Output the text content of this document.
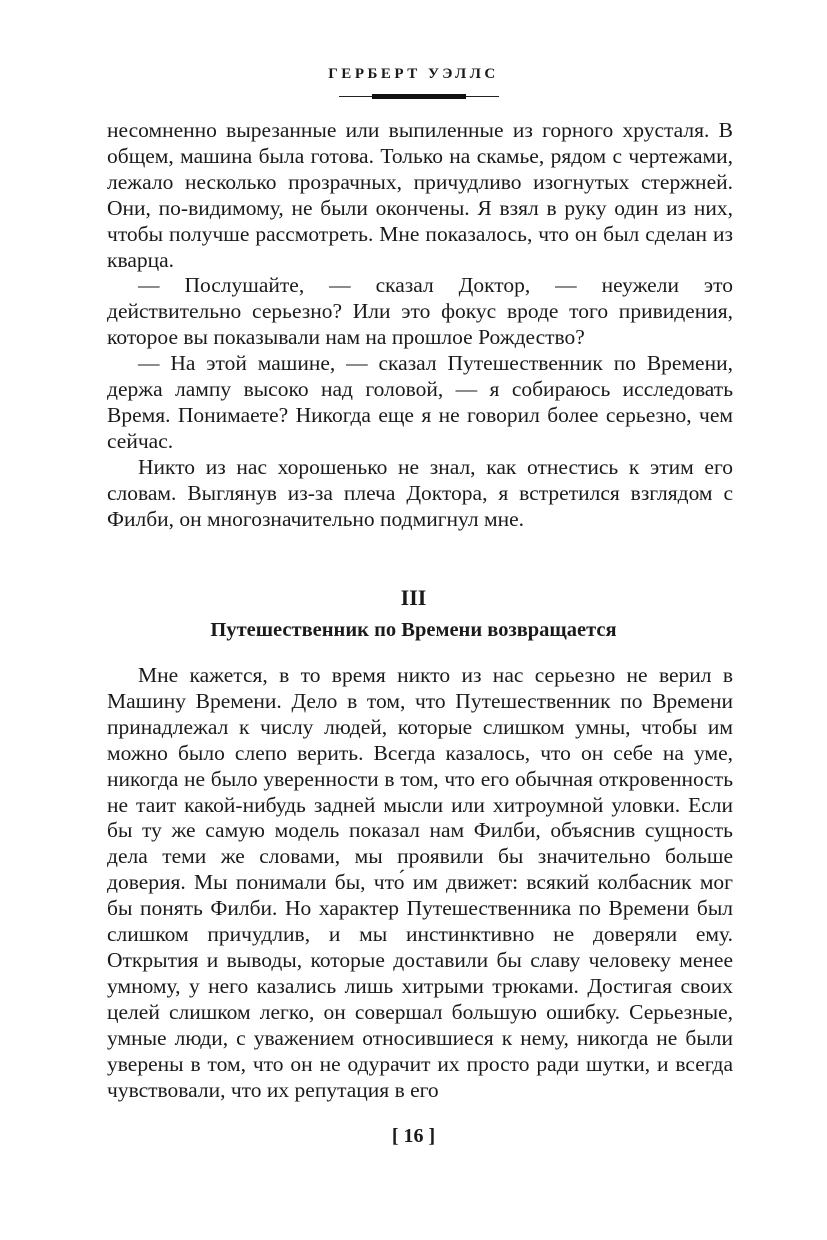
ГЕРБЕРТ УЭЛЛС

несомненно вырезанные или выпиленные из горного хрусталя. В общем, машина была готова. Только на скамье, рядом с чертежами, лежало несколько прозрачных, причудливо изогнутых стержней. Они, по-видимому, не были окончены. Я взял в руку один из них, чтобы получше рассмотреть. Мне показалось, что он был сделан из кварца.

— Послушайте, — сказал Доктор, — неужели это действительно серьезно? Или это фокус вроде того привидения, которое вы показывали нам на прошлое Рождество?

— На этой машине, — сказал Путешественник по Времени, держа лампу высоко над головой, — я собираюсь исследовать Время. Понимаете? Никогда еще я не говорил более серьезно, чем сейчас.

Никто из нас хорошенько не знал, как отнестись к этим его словам. Выглянув из-за плеча Доктора, я встретился взглядом с Филби, он многозначительно подмигнул мне.

III
Путешественник по Времени возвращается

Мне кажется, в то время никто из нас серьезно не верил в Машину Времени. Дело в том, что Путешественник по Времени принадлежал к числу людей, которые слишком умны, чтобы им можно было слепо верить. Всегда казалось, что он себе на уме, никогда не было уверенности в том, что его обычная откровенность не таит какой-нибудь задней мысли или хитроумной уловки. Если бы ту же самую модель показал нам Филби, объяснив сущность дела теми же словами, мы проявили бы значительно больше доверия. Мы понимали бы, что́ им движет: всякий колбасник мог бы понять Филби. Но характер Путешественника по Времени был слишком причудлив, и мы инстинктивно не доверяли ему. Открытия и выводы, которые доставили бы славу человеку менее умному, у него казались лишь хитрыми трюками. Достигая своих целей слишком легко, он совершал большую ошибку. Серьезные, умные люди, с уважением относившиеся к нему, никогда не были уверены в том, что он не одурачит их просто ради шутки, и всегда чувствовали, что их репутация в его

[ 16 ]
